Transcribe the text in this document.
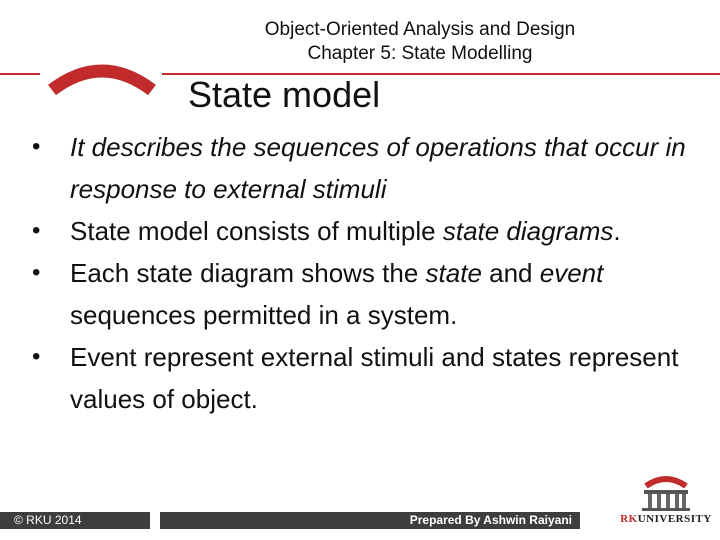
Object-Oriented Analysis and Design
Chapter 5: State Modelling
State model
• It describes the sequences of operations that occur in response to external stimuli
• State model consists of multiple state diagrams.
• Each state diagram shows the state and event sequences permitted in a system.
• Event represent external stimuli and states represent values of object.
© RKU 2014	Prepared By Ashwin Raiyani	RKUNIVERSITY
